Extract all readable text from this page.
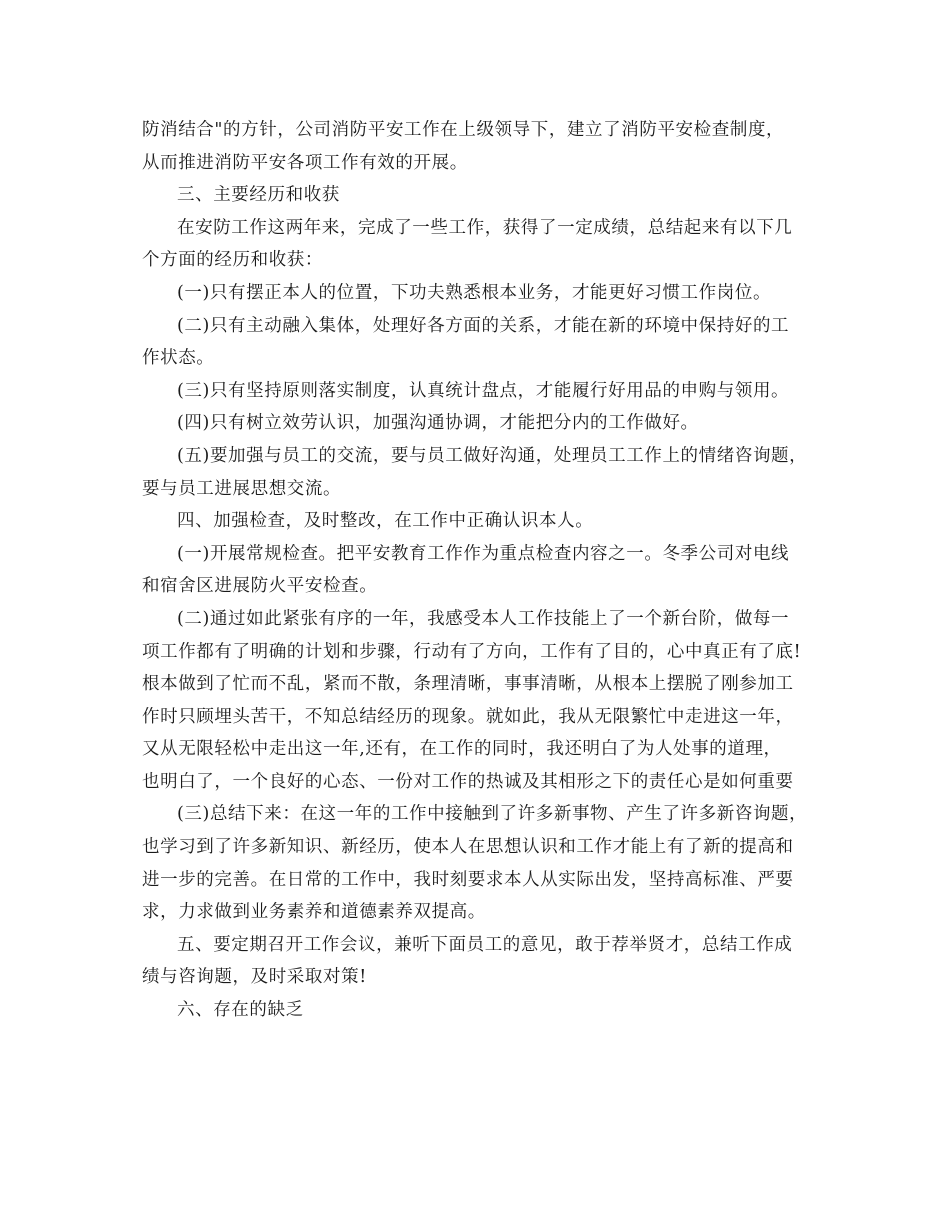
防消结合"的方针，公司消防平安工作在上级领导下，建立了消防平安检查制度，
从而推进消防平安各项工作有效的开展。
三、主要经历和收获
在安防工作这两年来，完成了一些工作，获得了一定成绩，总结起来有以下几
个方面的经历和收获：
(一)只有摆正本人的位置，下功夫熟悉根本业务，才能更好习惯工作岗位。
(二)只有主动融入集体，处理好各方面的关系，才能在新的环境中保持好的工
作状态。
(三)只有坚持原则落实制度，认真统计盘点，才能履行好用品的申购与领用。
(四)只有树立效劳认识，加强沟通协调，才能把分内的工作做好。
(五)要加强与员工的交流，要与员工做好沟通，处理员工工作上的情绪咨询题，
要与员工进展思想交流。
四、加强检查，及时整改，在工作中正确认识本人。
(一)开展常规检查。把平安教育工作作为重点检查内容之一。冬季公司对电线
和宿舍区进展防火平安检查。
(二)通过如此紧张有序的一年，我感受本人工作技能上了一个新台阶，做每一
项工作都有了明确的计划和步骤，行动有了方向，工作有了目的，心中真正有了底!
根本做到了忙而不乱，紧而不散，条理清晰，事事清晰，从根本上摆脱了刚参加工
作时只顾埋头苦干，不知总结经历的现象。就如此，我从无限繁忙中走进这一年，
又从无限轻松中走出这一年,还有，在工作的同时，我还明白了为人处事的道理，
也明白了，一个良好的心态、一份对工作的热诚及其相形之下的责任心是如何重要
(三)总结下来：在这一年的工作中接触到了许多新事物、产生了许多新咨询题，
也学习到了许多新知识、新经历，使本人在思想认识和工作才能上有了新的提高和
进一步的完善。在日常的工作中，我时刻要求本人从实际出发，坚持高标准、严要
求，力求做到业务素养和道德素养双提高。
五、要定期召开工作会议，兼听下面员工的意见，敢于荐举贤才，总结工作成
绩与咨询题，及时采取对策!
六、存在的缺乏
